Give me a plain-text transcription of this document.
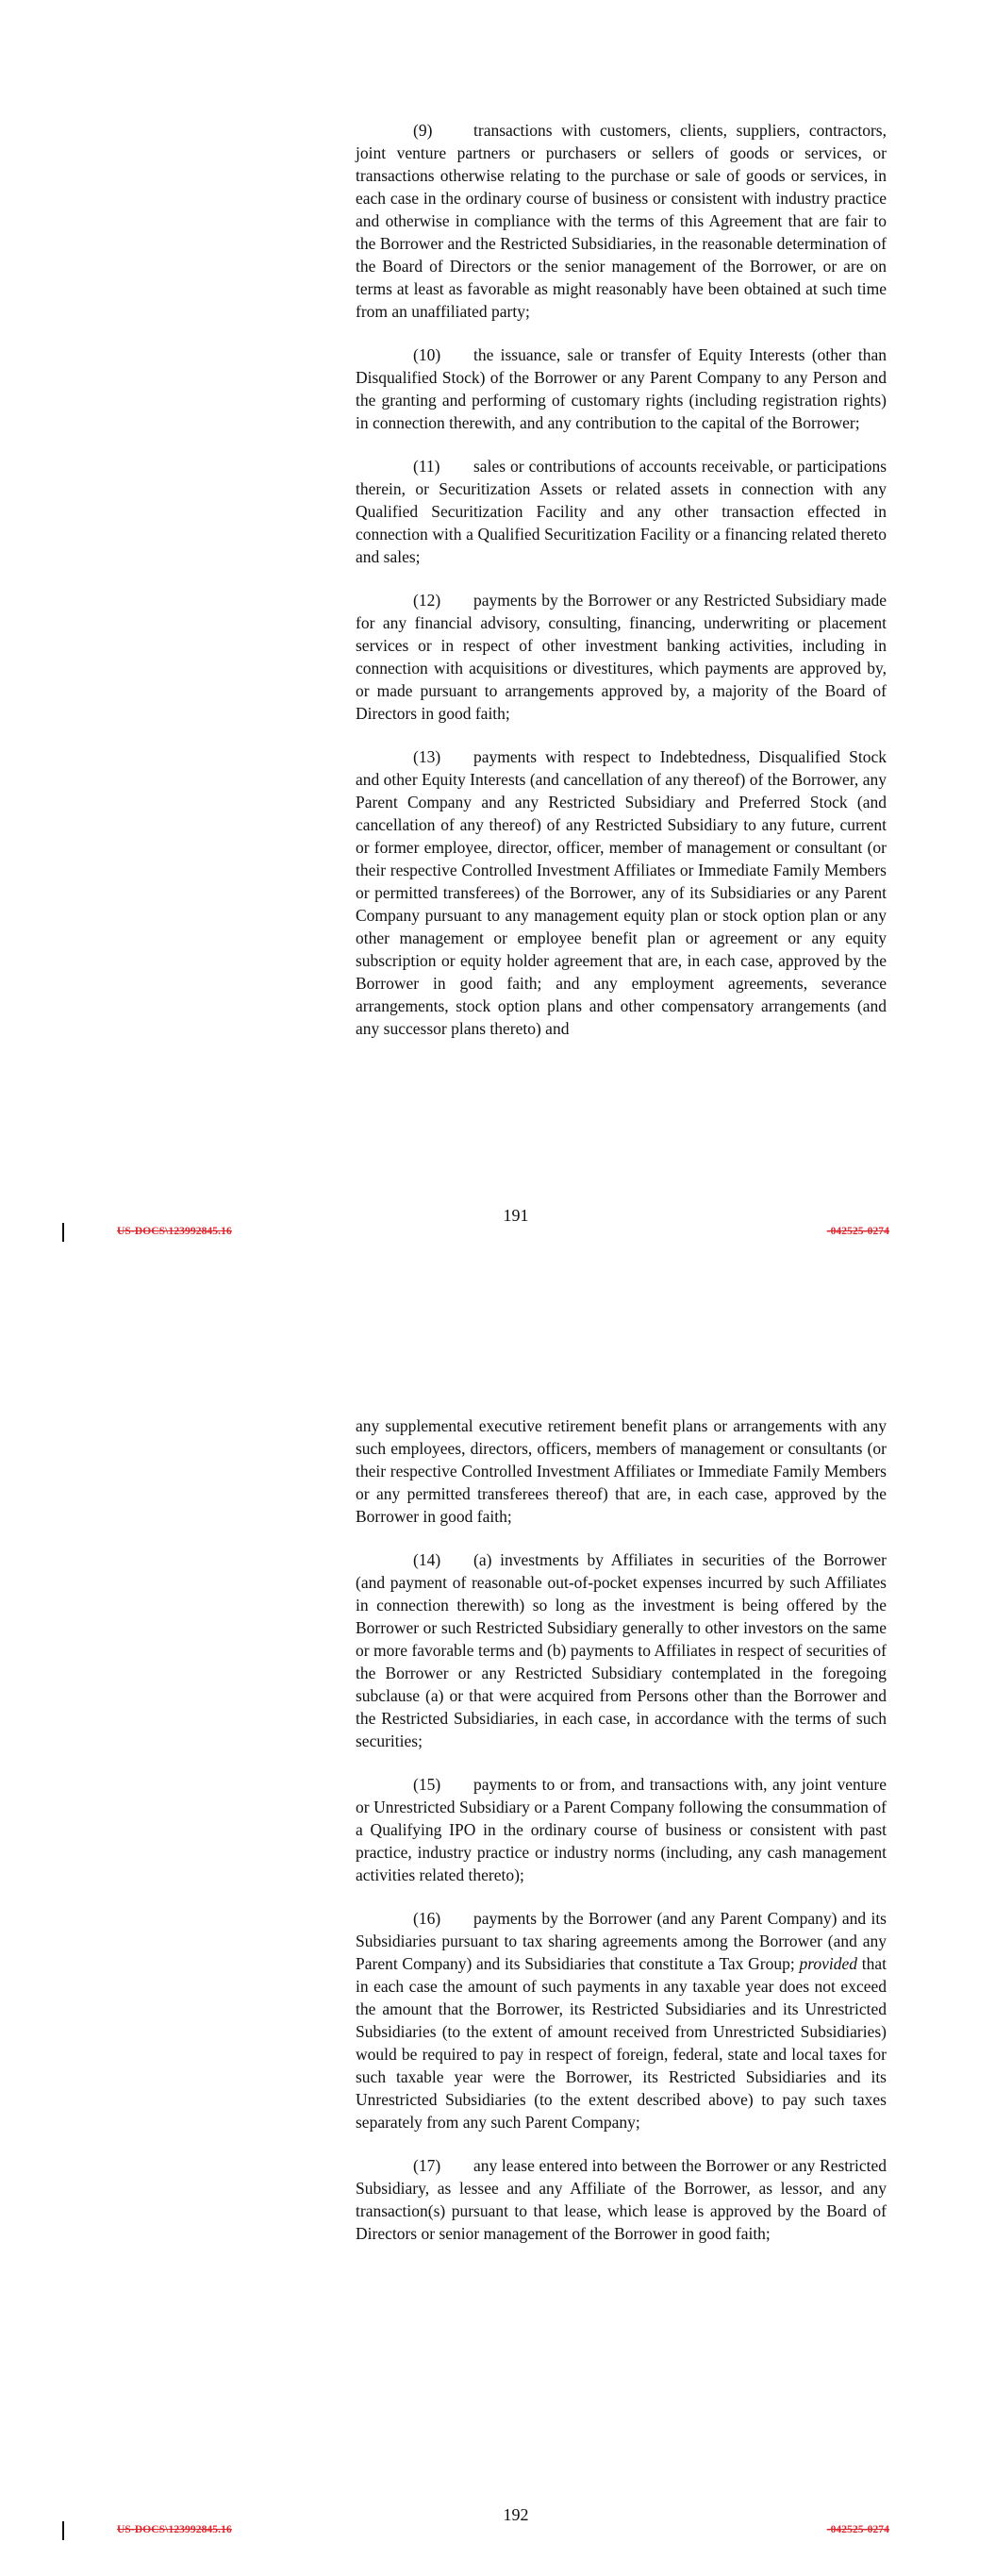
(9) transactions with customers, clients, suppliers, contractors, joint venture partners or purchasers or sellers of goods or services, or transactions otherwise relating to the purchase or sale of goods or services, in each case in the ordinary course of business or consistent with industry practice and otherwise in compliance with the terms of this Agreement that are fair to the Borrower and the Restricted Subsidiaries, in the reasonable determination of the Board of Directors or the senior management of the Borrower, or are on terms at least as favorable as might reasonably have been obtained at such time from an unaffiliated party;

(10) the issuance, sale or transfer of Equity Interests (other than Disqualified Stock) of the Borrower or any Parent Company to any Person and the granting and performing of customary rights (including registration rights) in connection therewith, and any contribution to the capital of the Borrower;

(11) sales or contributions of accounts receivable, or participations therein, or Securitization Assets or related assets in connection with any Qualified Securitization Facility and any other transaction effected in connection with a Qualified Securitization Facility or a financing related thereto and sales;

(12) payments by the Borrower or any Restricted Subsidiary made for any financial advisory, consulting, financing, underwriting or placement services or in respect of other investment banking activities, including in connection with acquisitions or divestitures, which payments are approved by, or made pursuant to arrangements approved by, a majority of the Board of Directors in good faith;

(13) payments with respect to Indebtedness, Disqualified Stock and other Equity Interests (and cancellation of any thereof) of the Borrower, any Parent Company and any Restricted Subsidiary and Preferred Stock (and cancellation of any thereof) of any Restricted Subsidiary to any future, current or former employee, director, officer, member of management or consultant (or their respective Controlled Investment Affiliates or Immediate Family Members or permitted transferees) of the Borrower, any of its Subsidiaries or any Parent Company pursuant to any management equity plan or stock option plan or any other management or employee benefit plan or agreement or any equity subscription or equity holder agreement that are, in each case, approved by the Borrower in good faith; and any employment agreements, severance arrangements, stock option plans and other compensatory arrangements (and any successor plans thereto) and

191
US-DOCS\123992845.16	-042525-0274

any supplemental executive retirement benefit plans or arrangements with any such employees, directors, officers, members of management or consultants (or their respective Controlled Investment Affiliates or Immediate Family Members or any permitted transferees thereof) that are, in each case, approved by the Borrower in good faith;

(14) (a) investments by Affiliates in securities of the Borrower (and payment of reasonable out-of-pocket expenses incurred by such Affiliates in connection therewith) so long as the investment is being offered by the Borrower or such Restricted Subsidiary generally to other investors on the same or more favorable terms and (b) payments to Affiliates in respect of securities of the Borrower or any Restricted Subsidiary contemplated in the foregoing subclause (a) or that were acquired from Persons other than the Borrower and the Restricted Subsidiaries, in each case, in accordance with the terms of such securities;

(15) payments to or from, and transactions with, any joint venture or Unrestricted Subsidiary or a Parent Company following the consummation of a Qualifying IPO in the ordinary course of business or consistent with past practice, industry practice or industry norms (including, any cash management activities related thereto);

(16) payments by the Borrower (and any Parent Company) and its Subsidiaries pursuant to tax sharing agreements among the Borrower (and any Parent Company) and its Subsidiaries that constitute a Tax Group; provided that in each case the amount of such payments in any taxable year does not exceed the amount that the Borrower, its Restricted Subsidiaries and its Unrestricted Subsidiaries (to the extent of amount received from Unrestricted Subsidiaries) would be required to pay in respect of foreign, federal, state and local taxes for such taxable year were the Borrower, its Restricted Subsidiaries and its Unrestricted Subsidiaries (to the extent described above) to pay such taxes separately from any such Parent Company;

(17) any lease entered into between the Borrower or any Restricted Subsidiary, as lessee and any Affiliate of the Borrower, as lessor, and any transaction(s) pursuant to that lease, which lease is approved by the Board of Directors or senior management of the Borrower in good faith;

192
US-DOCS\123992845.16	-042525-0274
